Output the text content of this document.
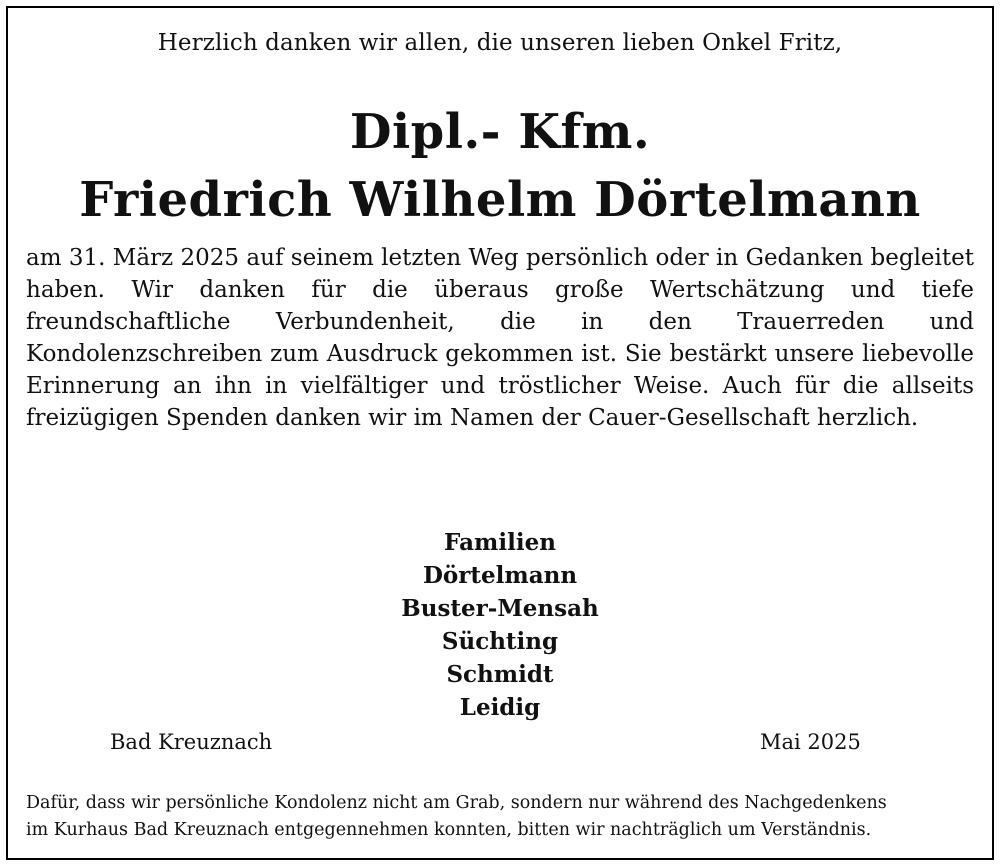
Herzlich danken wir allen, die unseren lieben Onkel Fritz,
Dipl.- Kfm.
Friedrich Wilhelm Dörtelmann
am 31. März 2025 auf seinem letzten Weg persönlich oder in Gedanken begleitet haben. Wir danken für die überaus große Wertschätzung und tiefe freundschaftliche Verbundenheit, die in den Trauerreden und Kondolenzschreiben zum Ausdruck gekommen ist. Sie bestärkt unsere liebevolle Erinnerung an ihn in vielfältiger und tröstlicher Weise. Auch für die allseits freizügigen Spenden danken wir im Namen der Cauer-Gesellschaft herzlich.
Familien
Dörtelmann
Buster-Mensah
Süchting
Schmidt
Leidig
Bad Kreuznach	Mai 2025
Dafür, dass wir persönliche Kondolenz nicht am Grab, sondern nur während des Nachgedenkens
im Kurhaus Bad Kreuznach entgegennehmen konnten, bitten wir nachträglich um Verständnis.
